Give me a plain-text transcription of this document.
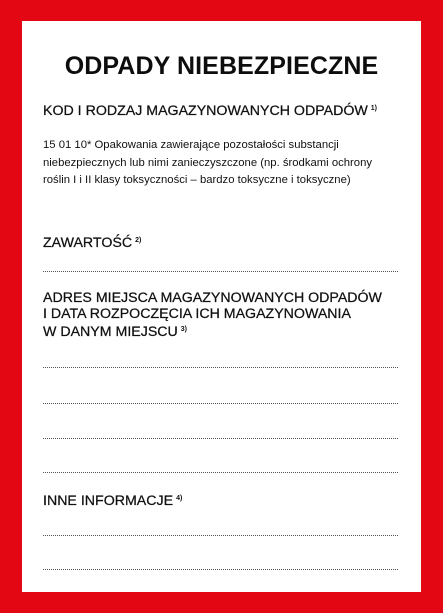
ODPADY NIEBEZPIECZNE
KOD I RODZAJ MAGAZYNOWANYCH ODPADÓW $^{1)}$

15 01 10* Opakowania zawierające pozostałości substancji
niebezpiecznych lub nimi zanieczyszczone (np. środkami ochrony
roślin I i II klasy toksyczności – bardzo toksyczne i toksyczne)

ZAWARTOŚĆ $^{2)}$
ADRES MIEJSCA MAGAZYNOWANYCH ODPADÓW
I DATA ROZPOCZĘCIA ICH MAGAZYNOWANIA
W DANYM MIEJSCU $^{3)}$
INNE INFORMACJE $^{4)}$
